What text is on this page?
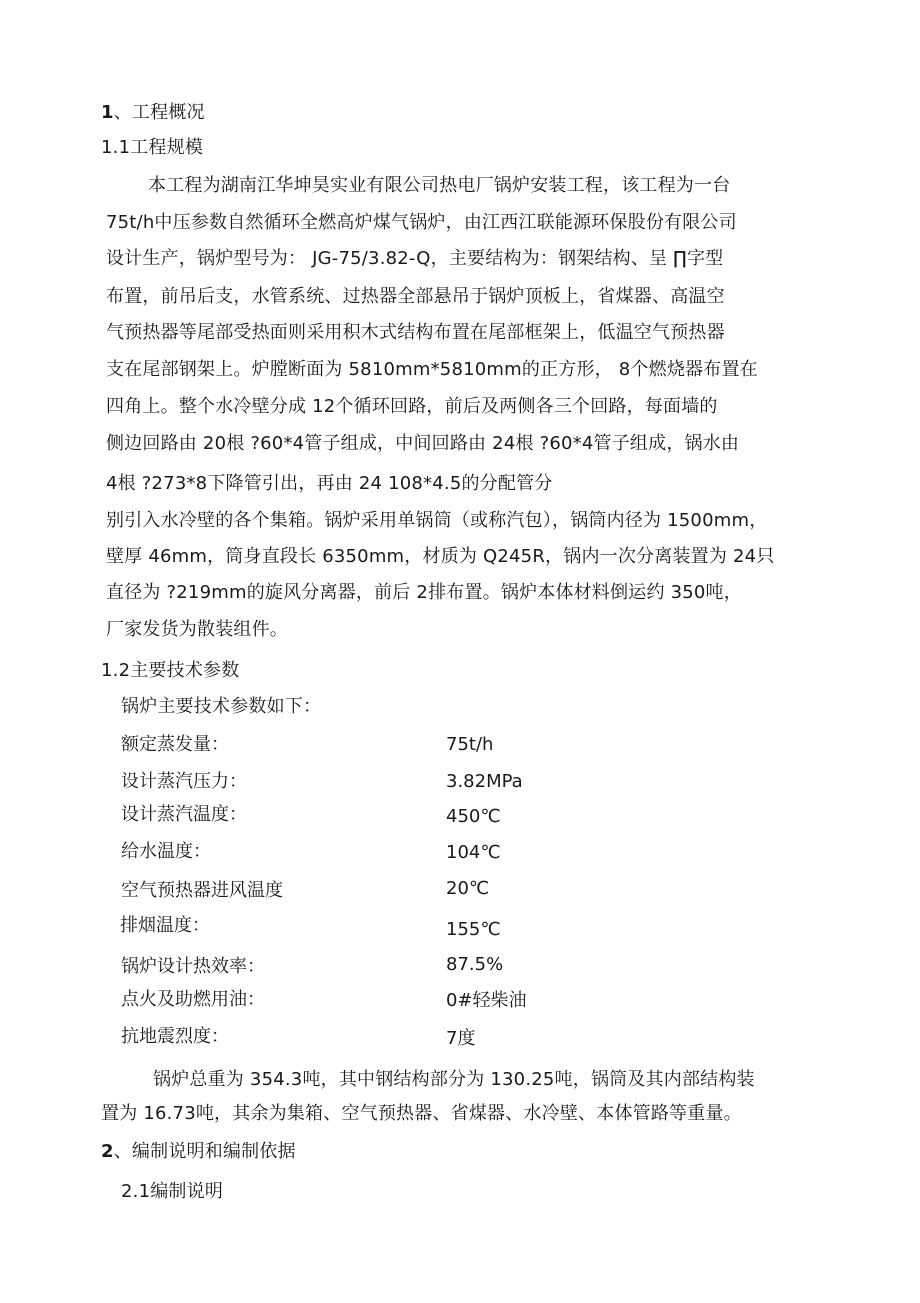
1、工程概况
1.1工程规模
本工程为湖南江华坤昊实业有限公司热电厂锅炉安装工程，该工程为一台
75t/h中压参数自然循环全燃高炉煤气锅炉，由江西江联能源环保股份有限公司
设计生产，锅炉型号为： JG-75/3.82-Q，主要结构为：钢架结构、呈 ∏字型
布置，前吊后支，水管系统、过热器全部悬吊于锅炉顶板上，省煤器、高温空
气预热器等尾部受热面则采用积木式结构布置在尾部框架上，低温空气预热器
支在尾部钢架上。炉膛断面为 5810mm*5810mm的正方形， 8个燃烧器布置在
四角上。整个水冷壁分成 12个循环回路，前后及两侧各三个回路，每面墙的
侧边回路由 20根 ?60*4管子组成，中间回路由 24根 ?60*4管子组成，锅水由
4根 ?273*8下降管引出，再由 24 108*4.5的分配管分
别引入水冷壁的各个集箱。锅炉采用单锅筒（或称汽包），锅筒内径为 1500mm，
壁厚 46mm，筒身直段长 6350mm，材质为 Q245R，锅内一次分离装置为 24只
直径为 ?219mm的旋风分离器，前后 2排布置。锅炉本体材料倒运约 350吨，
厂家发货为散装组件。
1.2主要技术参数
锅炉主要技术参数如下：
额定蒸发量：	75t/h
设计蒸汽压力：	3.82MPa
设计蒸汽温度：	450℃
给水温度：	104℃
空气预热器进风温度	20℃
排烟温度：	155℃
锅炉设计热效率：	87.5%
点火及助燃用油：	0#轻柴油
抗地震烈度：	7度
锅炉总重为 354.3吨，其中钢结构部分为 130.25吨，锅筒及其内部结构装
置为 16.73吨，其余为集箱、空气预热器、省煤器、水冷壁、本体管路等重量。
2、编制说明和编制依据
2.1编制说明
